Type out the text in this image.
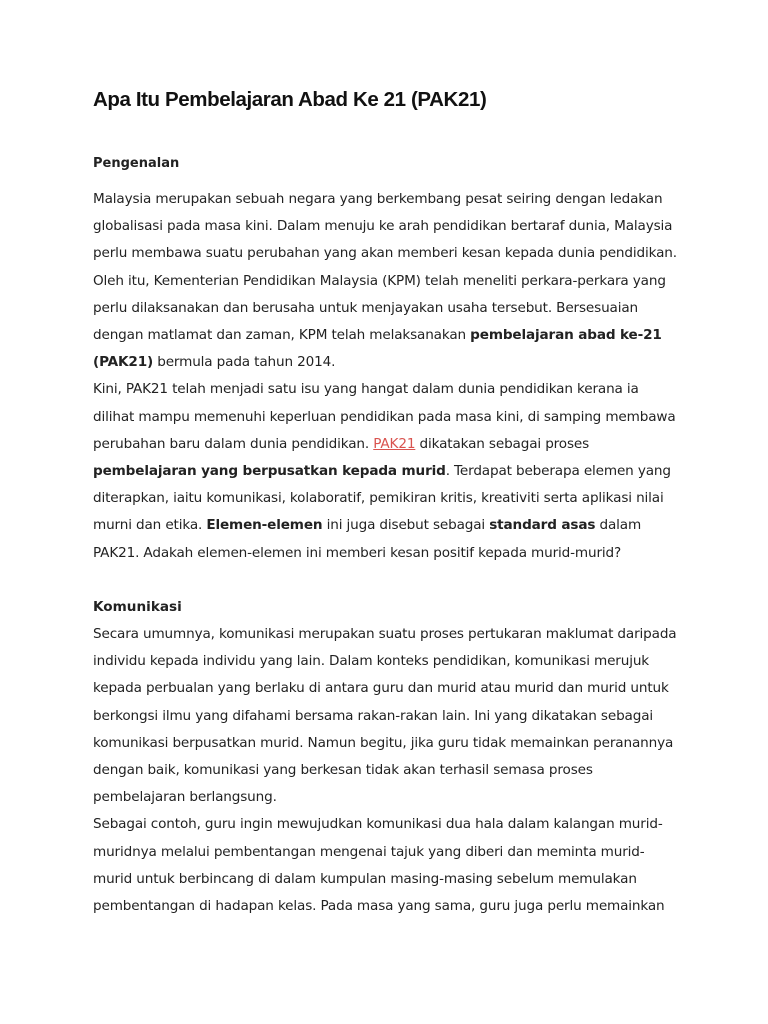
Apa Itu Pembelajaran Abad Ke 21 (PAK21)
Pengenalan

Malaysia merupakan sebuah negara yang berkembang pesat seiring dengan ledakan globalisasi pada masa kini. Dalam menuju ke arah pendidikan bertaraf dunia, Malaysia perlu membawa suatu perubahan yang akan memberi kesan kepada dunia pendidikan. Oleh itu, Kementerian Pendidikan Malaysia (KPM) telah meneliti perkara-perkara yang perlu dilaksanakan dan berusaha untuk menjayakan usaha tersebut. Bersesuaian dengan matlamat dan zaman, KPM telah melaksanakan pembelajaran abad ke-21 (PAK21) bermula pada tahun 2014.

Kini, PAK21 telah menjadi satu isu yang hangat dalam dunia pendidikan kerana ia dilihat mampu memenuhi keperluan pendidikan pada masa kini, di samping membawa perubahan baru dalam dunia pendidikan. PAK21 dikatakan sebagai proses pembelajaran yang berpusatkan kepada murid. Terdapat beberapa elemen yang diterapkan, iaitu komunikasi, kolaboratif, pemikiran kritis, kreativiti serta aplikasi nilai murni dan etika. Elemen-elemen ini juga disebut sebagai standard asas dalam PAK21. Adakah elemen-elemen ini memberi kesan positif kepada murid-murid?

Komunikasi

Secara umumnya, komunikasi merupakan suatu proses pertukaran maklumat daripada individu kepada individu yang lain. Dalam konteks pendidikan, komunikasi merujuk kepada perbualan yang berlaku di antara guru dan murid atau murid dan murid untuk berkongsi ilmu yang difahami bersama rakan-rakan lain. Ini yang dikatakan sebagai komunikasi berpusatkan murid. Namun begitu, jika guru tidak memainkan peranannya dengan baik, komunikasi yang berkesan tidak akan terhasil semasa proses pembelajaran berlangsung.

Sebagai contoh, guru ingin mewujudkan komunikasi dua hala dalam kalangan murid-muridnya melalui pembentangan mengenai tajuk yang diberi dan meminta murid-murid untuk berbincang di dalam kumpulan masing-masing sebelum memulakan pembentangan di hadapan kelas. Pada masa yang sama, guru juga perlu memainkan
